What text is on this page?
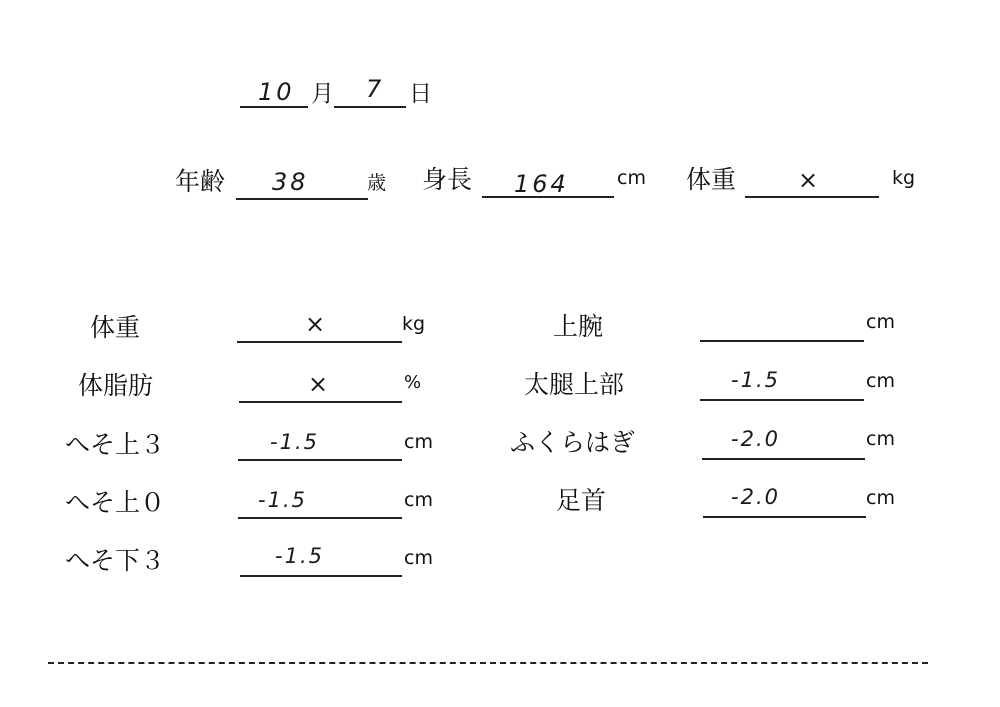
10 月 7 日
年齢 38	歳 身長 164	cm 体重	×	kg
体重	×	kg
体脂肪	×	%
へそ上３	-1.5	cm
へそ上０	-1.5	cm
へそ下３	-1.5	cm
上腕	cm
太腿上部	-1.5	cm
ふくらはぎ	-2.0	cm
足首	-2.0	cm
